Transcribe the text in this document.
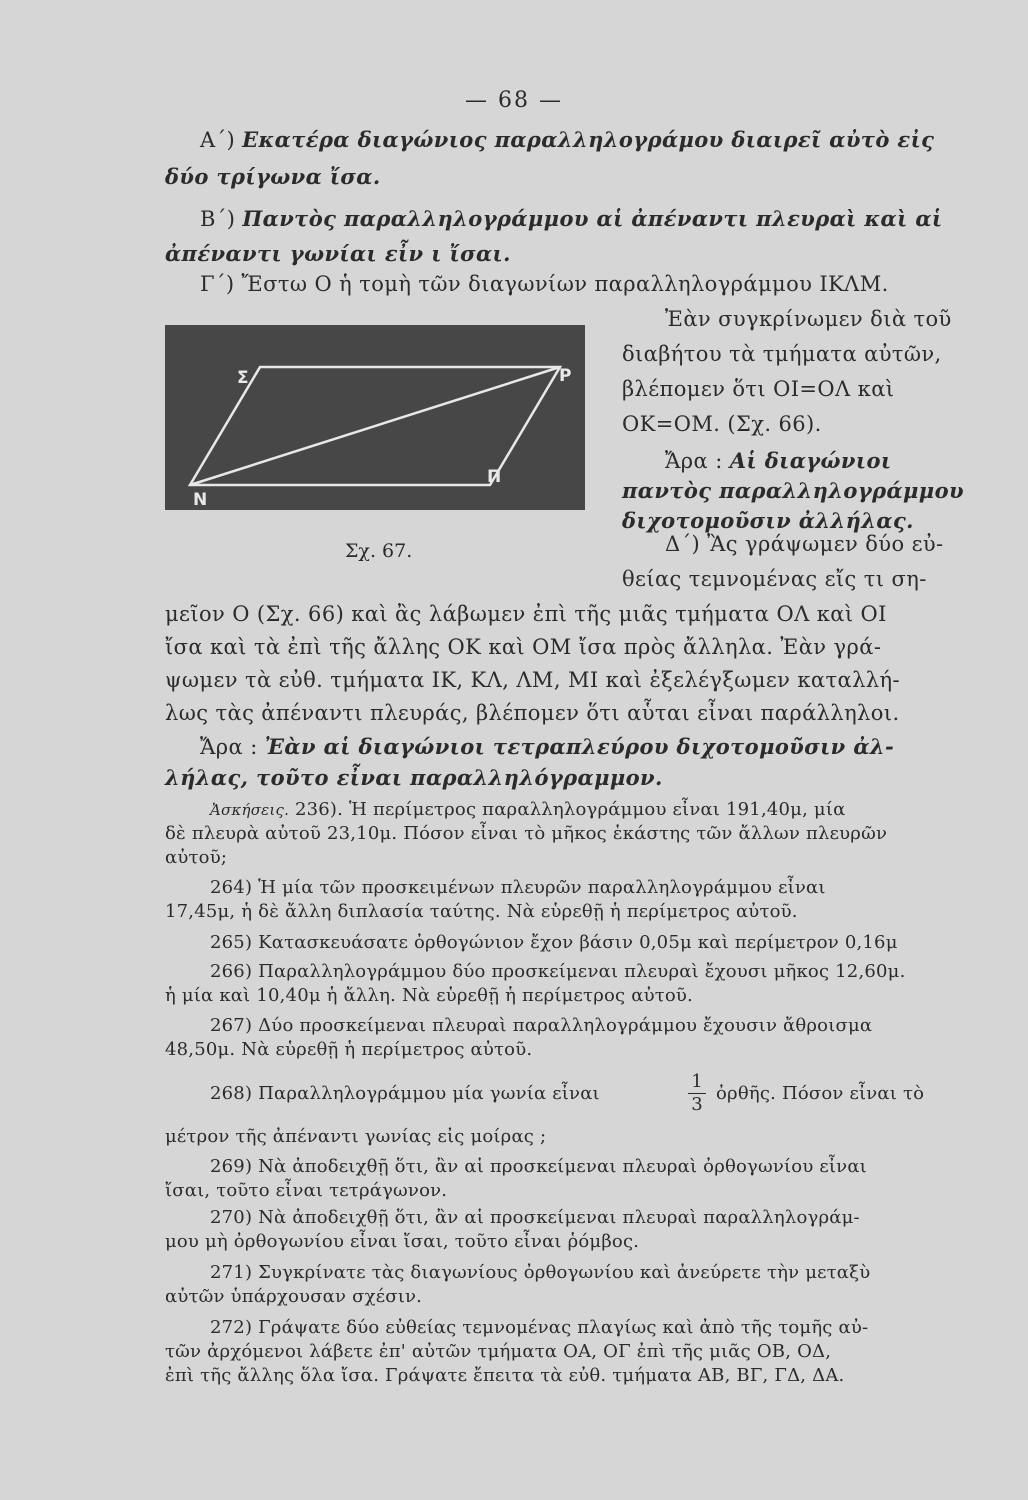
— 68 —
Α΄) Εκατέρα διαγώνιος παραλληλογράμου διαιρεῖ αὐτὸ εἰς
δύο τρίγωνα ἴσα.
Β΄) Παντὸς παραλληλογράμμου αἱ ἀπέναντι πλευραὶ καὶ αἱ
ἀπέναντι γωνίαι εἶν ι ἴσαι.
Γ΄) Ἔστω Ο ἡ τομὴ τῶν διαγωνίων παραλληλογράμμου ΙΚΛΜ.
Ἐὰν συγκρίνωμεν διὰ τοῦ
διαβήτου τὰ τμήματα αὐτῶν,
βλέπομεν ὅτι ΟΙ=ΟΛ καὶ
ΟΚ=ΟΜ. (Σχ. 66).
Ἄρα : Αἱ διαγώνιοι
παντὸς παραλληλογράμμου
διχοτομοῦσιν ἀλλήλας.
Σ	Ρ
Ν
Π
Σχ. 67.	Δ΄) Ἂς γράψωμεν δύο εὐ-
θείας τεμνομένας εἴς τι ση-
μεῖον Ο (Σχ. 66) καὶ ἂς λάβωμεν ἐπὶ τῆς μιᾶς τμήματα ΟΛ καὶ ΟΙ
ἴσα καὶ τὰ ἐπὶ τῆς ἄλλης ΟΚ καὶ ΟΜ ἴσα πρὸς ἄλληλα. Ἐὰν γρά-
ψωμεν τὰ εὐθ. τμήματα ΙΚ, ΚΛ, ΛΜ, ΜΙ καὶ ἐξελέγξωμεν καταλλή-
λως τὰς ἀπέναντι πλευράς, βλέπομεν ὅτι αὗται εἶναι παράλληλοι.
Ἄρα : Ἐὰν αἱ διαγώνιοι τετραπλεύρου διχοτομοῦσιν ἀλ-
λήλας, τοῦτο εἶναι παραλληλόγραμμον.
Ἀσκήσεις. 236). Ἡ περίμετρος παραλληλογράμμου εἶναι 191,40μ, μία
δὲ πλευρὰ αὐτοῦ 23,10μ. Πόσον εἶναι τὸ μῆκος ἑκάστης τῶν ἄλλων πλευρῶν
αὐτοῦ;
264) Ἡ μία τῶν προσκειμένων πλευρῶν παραλληλογράμμου εἶναι
17,45μ, ἡ δὲ ἄλλη διπλασία ταύτης. Νὰ εὑρεθῇ ἡ περίμετρος αὐτοῦ.
265) Κατασκευάσατε ὀρθογώνιον ἔχον βάσιν 0,05μ καὶ περίμετρον 0,16μ
266) Παραλληλογράμμου δύο προσκείμεναι πλευραὶ ἔχουσι μῆκος 12,60μ.
ἡ μία καὶ 10,40μ ἡ ἄλλη. Νὰ εὑρεθῇ ἡ περίμετρος αὐτοῦ.
267) Δύο προσκείμεναι πλευραὶ παραλληλογράμμου ἔχουσιν ἄθροισμα
48,50μ. Νὰ εὑρεθῇ ἡ περίμετρος αὐτοῦ.
268) Παραλληλογράμμου μία γωνία εἶναι
1
3
ὀρθῆς. Πόσον εἶναι τὸ
μέτρον τῆς ἀπέναντι γωνίας εἰς μοίρας ;
269) Νὰ ἀποδειχθῇ ὅτι, ἂν αἱ προσκείμεναι πλευραὶ ὀρθογωνίου εἶναι
ἴσαι, τοῦτο εἶναι τετράγωνον.
270) Νὰ ἀποδειχθῇ ὅτι, ἂν αἱ προσκείμεναι πλευραὶ παραλληλογράμ-
μου μὴ ὀρθογωνίου εἶναι ἴσαι, τοῦτο εἶναι ῥόμβος.
271) Συγκρίνατε τὰς διαγωνίους ὀρθογωνίου καὶ ἀνεύρετε τὴν μεταξὺ
αὐτῶν ὑπάρχουσαν σχέσιν.
272) Γράψατε δύο εὐθείας τεμνομένας πλαγίως καὶ ἀπὸ τῆς τομῆς αὐ-
τῶν ἀρχόμενοι λάβετε ἐπ' αὐτῶν τμήματα ΟΑ, ΟΓ ἐπὶ τῆς μιᾶς ΟΒ, ΟΔ,
ἐπὶ τῆς ἄλλης ὅλα ἴσα. Γράψατε ἔπειτα τὰ εὐθ. τμήματα ΑΒ, ΒΓ, ΓΔ, ΔΑ.
